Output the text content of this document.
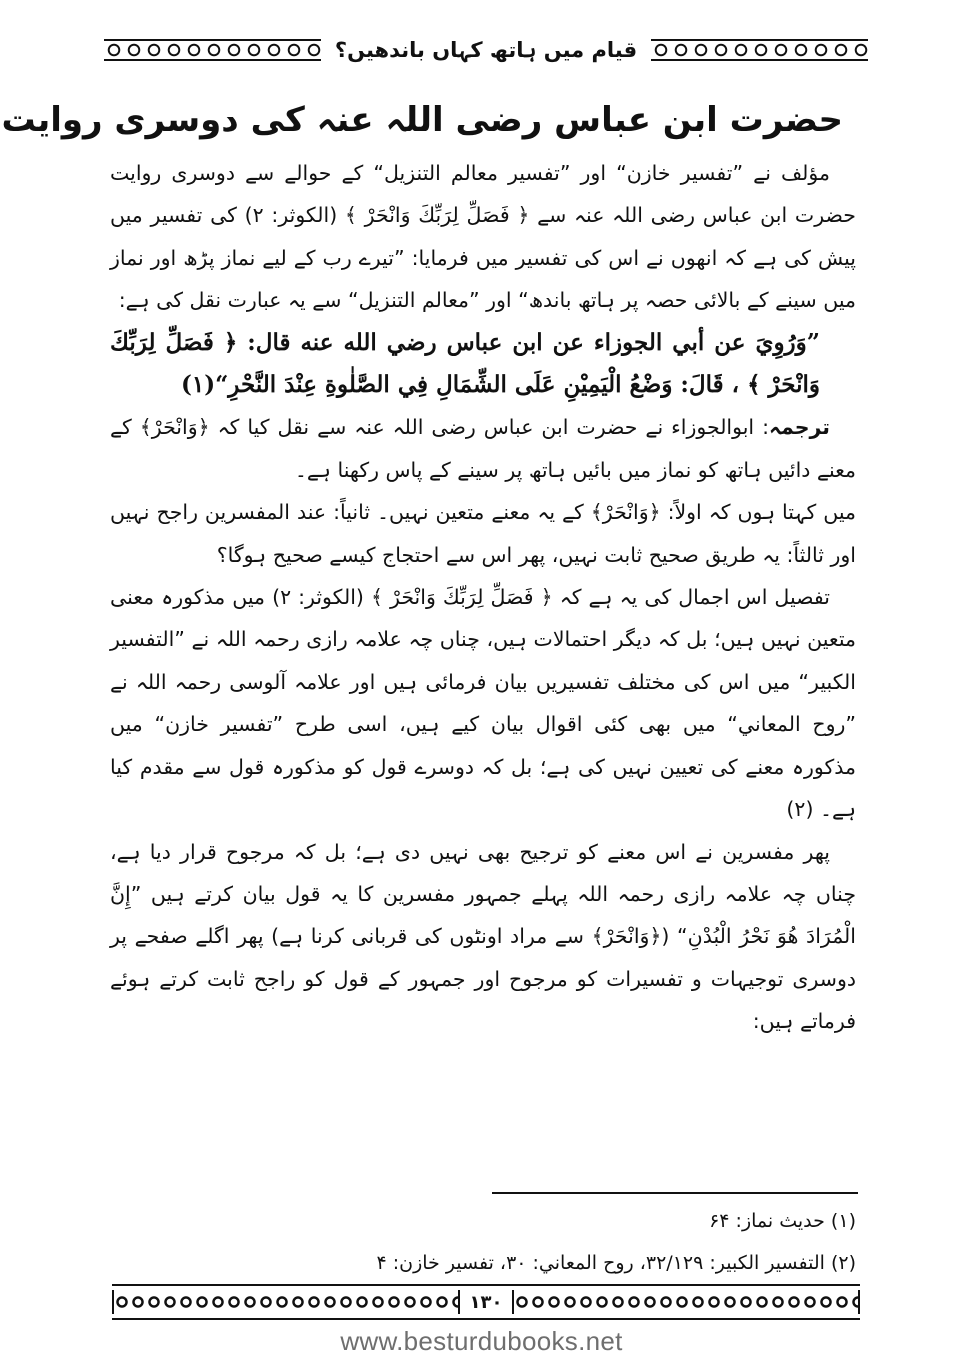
قیام میں ہاتھ کہاں باندھیں؟
حضرت ابن عباس رضی اللہ عنہ کی دوسری روایت

مؤلف نے ”تفسیر خازن“ اور ”تفسیر معالم التنزیل“ کے حوالے سے دوسری روایت حضرت ابن عباس رضی اللہ عنہ سے ﴿ فَصَلِّ لِرَبِّكَ وَانْحَرْ ﴾ (الکوثر: ۲) کی تفسیر میں پیش کی ہے کہ انھوں نے اس کی تفسیر میں فرمایا: ”تیرے رب کے لیے نماز پڑھ اور نماز میں سینے کے بالائی حصہ پر ہاتھ باندھ“ اور ”معالم التنزیل“ سے یہ عبارت نقل کی ہے:

”وَرُوِيَ عن أبي الجوزاء عن ابن عباس رضي الله عنه قال: ﴿ فَصَلِّ لِرَبِّكَ وَانْحَرْ ﴾ ، قَالَ: وَضْعُ الْيَمِيْنِ عَلَى الشِّمَالِ فِي الصَّلٰوةِ عِنْدَ النَّحْرِ“(۱)

ترجمہ: ابوالجوزاء نے حضرت ابن عباس رضی اللہ عنہ سے نقل کیا کہ ﴿وَانْحَرْ﴾ کے معنے دائیں ہاتھ کو نماز میں بائیں ہاتھ پر سینے کے پاس رکھنا ہے۔

میں کہتا ہوں کہ اولاً: ﴿وَانْحَرْ﴾ کے یہ معنے متعین نہیں۔ ثانیاً: عند المفسرین راجح نہیں اور ثالثاً: یہ طریق صحیح ثابت نہیں، پھر اس سے احتجاج کیسے صحیح ہوگا؟

تفصیل اس اجمال کی یہ ہے کہ ﴿ فَصَلِّ لِرَبِّكَ وَانْحَرْ ﴾ (الکوثر: ۲) میں مذکورہ معنی متعین نہیں ہیں؛ بل کہ دیگر احتمالات ہیں، چناں چہ علامہ رازی رحمہ اللہ نے ”التفسیر الکبیر“ میں اس کی مختلف تفسیریں بیان فرمائی ہیں اور علامہ آلوسی رحمہ اللہ نے ”روح المعاني“ میں بھی کئی اقوال بیان کیے ہیں، اسی طرح ”تفسیر خازن“ میں مذکورہ معنے کی تعیین نہیں کی ہے؛ بل کہ دوسرے قول کو مذکورہ قول سے مقدم کیا ہے۔ (۲)

پھر مفسرین نے اس معنے کو ترجیح بھی نہیں دی ہے؛ بل کہ مرجوح قرار دیا ہے، چناں چہ علامہ رازی رحمہ اللہ پہلے جمہور مفسرین کا یہ قول بیان کرتے ہیں ”إِنَّ الْمُرَادَ هُوَ نَحْرُ الْبُدْنِ“ (﴿وَانْحَرْ﴾ سے مراد اونٹوں کی قربانی کرنا ہے) پھر اگلے صفحے پر دوسری توجیہات و تفسیرات کو مرجوح اور جمہور کے قول کو راجح ثابت کرتے ہوئے فرماتے ہیں:

(۱) حدیث نماز: ۶۴

(۲) التفسیر الکبیر: ۳۲/۱۲۹، روح المعاني: ۳۰، تفسیر خازن: ۴

۱۳۰
www.besturdubooks.net
